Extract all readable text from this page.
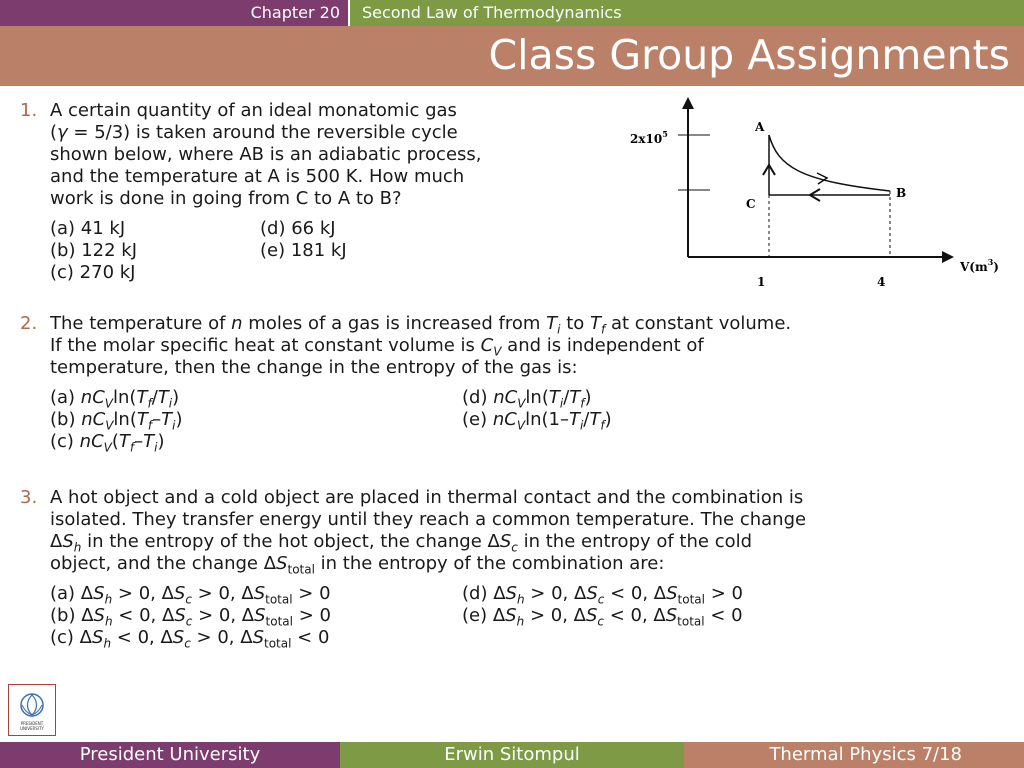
Chapter 20 Second Law of Thermodynamics
Class Group Assignments
1. A certain quantity of an ideal monatomic gas
(γ = 5/3) is taken around the reversible cycle
shown below, where AB is an adiabatic process,
and the temperature at A is 500 K. How much
work is done in going from C to A to B?
(a) 41 kJ
(b) 122 kJ
(c) 270 kJ
(d) 66 kJ
(e) 181 kJ
$2x10^5$	A
B
C
$V(m^3)$
1	4
2. The temperature of n moles of a gas is increased from $T_i$ to $T_f$ at constant volume.
If the molar specific heat at constant volume is $C_V$ and is independent of
temperature, then the change in the entropy of the gas is:
(a) $nC_V\ln(T_f/T_i)$
(b) $nC_V\ln(T_f-T_i)$
(c) $nC_V(T_f-T_i)$
(d) $nC_V\ln(T_i/T_f)$
(e) $nC_V\ln(1-T_i/T_f)$
3. A hot object and a cold object are placed in thermal contact and the combination is
isolated. They transfer energy until they reach a common temperature. The change
$\Delta S_h$ in the entropy of the hot object, the change $\Delta S_c$ in the entropy of the cold
object, and the change $\Delta S_{total}$ in the entropy of the combination are:
(a) $\Delta S_h > 0$, $\Delta S_c > 0$, $\Delta S_{total} > 0$
(b) $\Delta S_h < 0$, $\Delta S_c > 0$, $\Delta S_{total} > 0$
(c) $\Delta S_h < 0$, $\Delta S_c > 0$, $\Delta S_{total} < 0$
(d) $\Delta S_h > 0$, $\Delta S_c < 0$, $\Delta S_{total} > 0$
(e) $\Delta S_h > 0$, $\Delta S_c < 0$, $\Delta S_{total} < 0$
PRESIDENT
UNIVERSITY
President University	Erwin Sitompul	Thermal Physics 7/18
